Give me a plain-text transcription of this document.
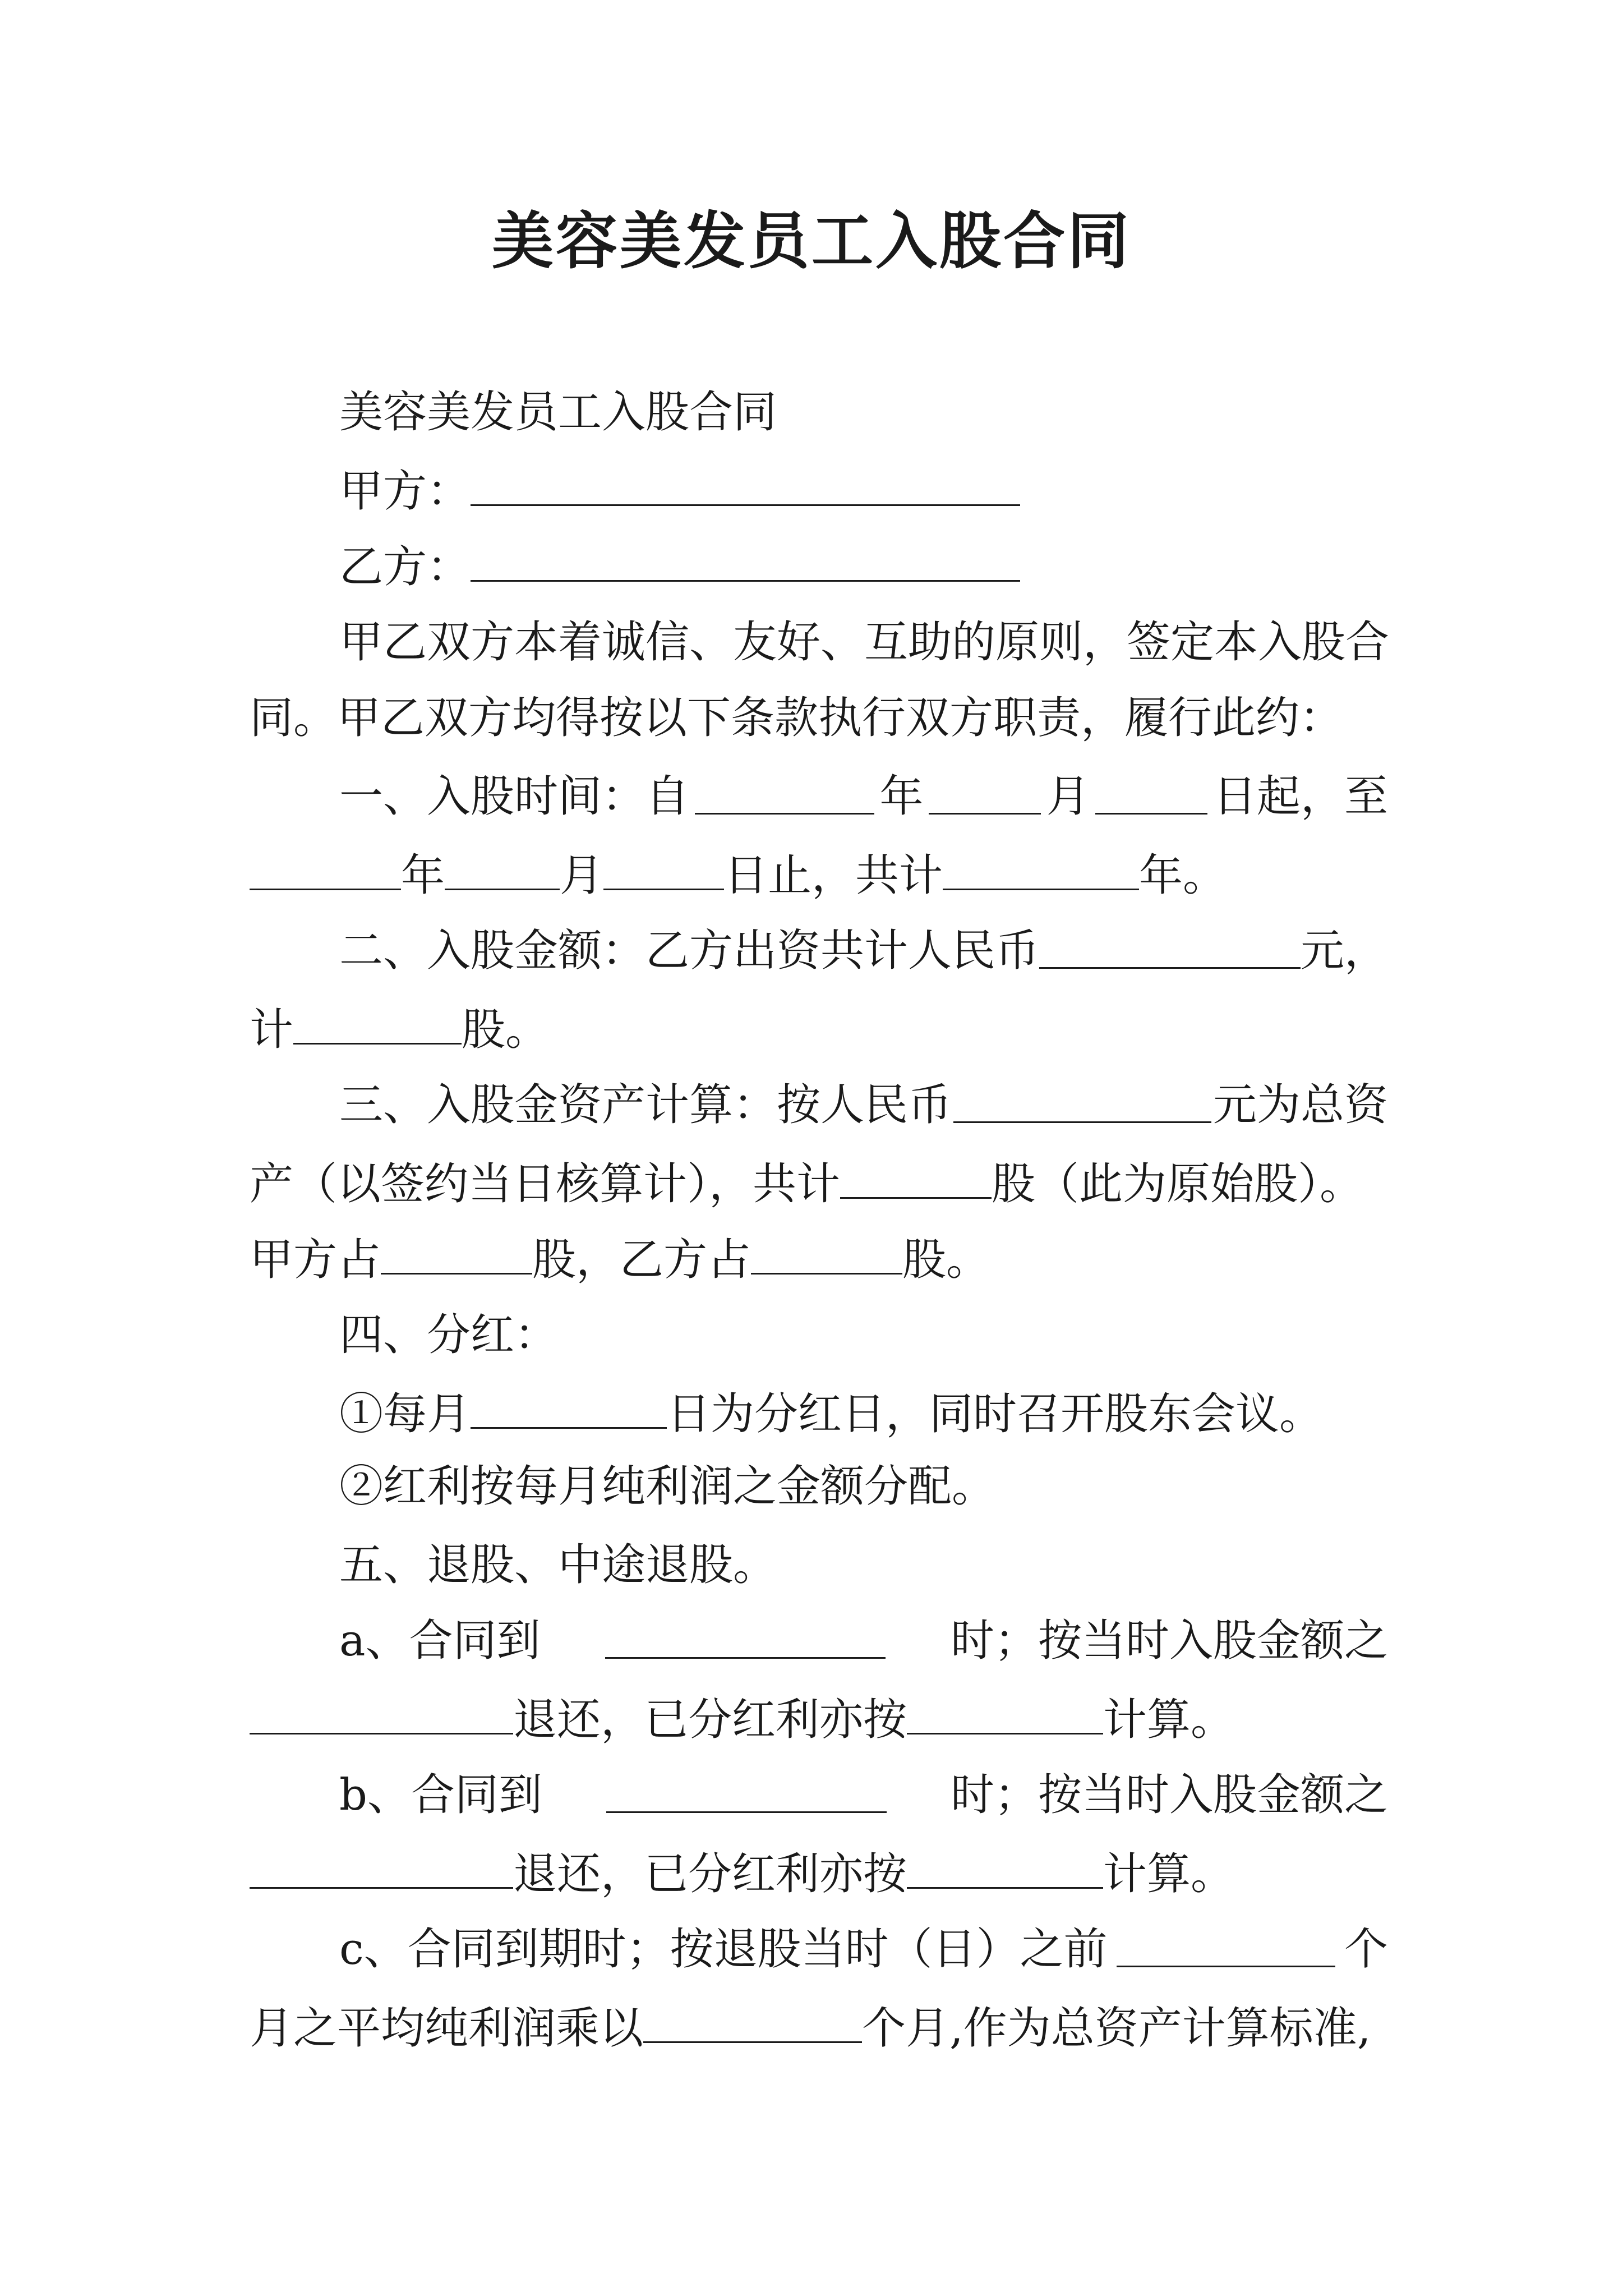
美容美发员工入股合同
美容美发员工入股合同
甲方：
乙方：
甲乙双方本着诚信、友好、互助的原则，签定本入股合
同。甲乙双方均得按以下条款执行双方职责，履行此约：
一、入股时间：自	年	月	日起，至
年	月	日止，共计	年。
二、入股金额：乙方出资共计人民币	元，
计	股。
三、入股金资产计算：按人民币	元为总资
产（以签约当日核算计），共计	股（此为原始股）。
甲方占	股，乙方占	股。
四、分红：
①每月	日为分红日，同时召开股东会议。
②红利按每月纯利润之金额分配。
五、退股、中途退股。
a、合同到	时；按当时入股金额之
退还，已分红利亦按	计算。
b、合同到	时；按当时入股金额之
退还，已分红利亦按	计算。
c、合同到期时；按退股当时（日）之前	个
月之平均纯利润乘以	个月,作为总资产计算标准,
